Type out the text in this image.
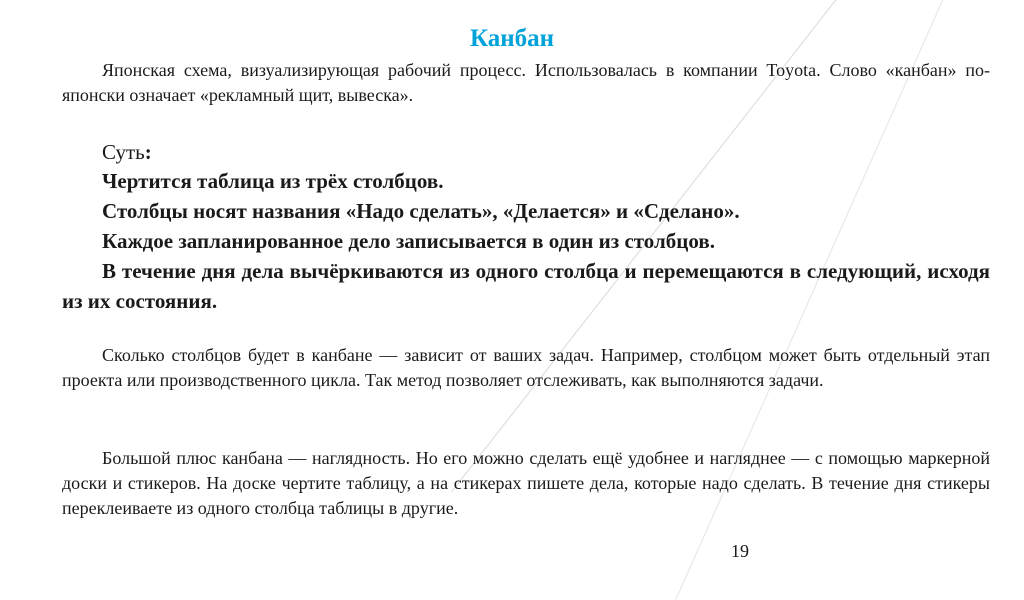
Канбан
Японская схема, визуализирующая рабочий процесс. Использовалась в компании Toyota. Слово «канбан» по-японски означает «рекламный щит, вывеска».
Суть:
Чертится таблица из трёх столбцов.
Столбцы носят названия «Надо сделать», «Делается» и «Сделано».
Каждое запланированное дело записывается в один из столбцов.
В течение дня дела вычёркиваются из одного столбца и перемещаются в следующий, исходя из их состояния.
Сколько столбцов будет в канбане — зависит от ваших задач. Например, столбцом может быть отдельный этап проекта или производственного цикла. Так метод позволяет отслеживать, как выполняются задачи.
Большой плюс канбана — наглядность. Но его можно сделать ещё удобнее и нагляднее — с помощью маркерной доски и стикеров. На доске чертите таблицу, а на стикерах пишете дела, которые надо сделать. В течение дня стикеры переклеиваете из одного столбца таблицы в другие.
19
